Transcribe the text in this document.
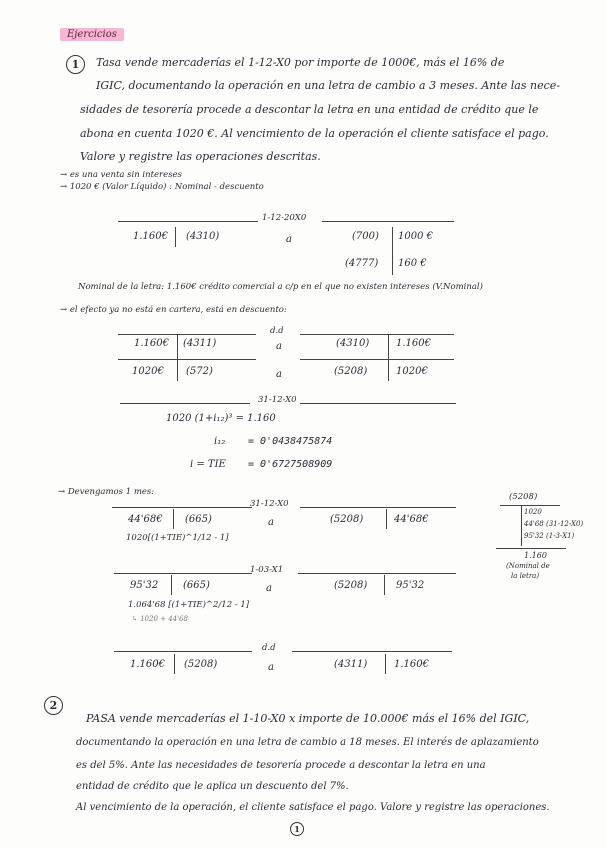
Ejercicios
1	Tasa vende mercaderías el 1-12-X0 por importe de 1000€, más el 16% de
IGIC, documentando la operación en una letra de cambio a 3 meses. Ante las nece-
sidades de tesorería procede a descontar la letra en una entidad de crédito que le
abona en cuenta 1020 €. Al vencimiento de la operación el cliente satisface el pago.
Valore y registre las operaciones descritas.
→ es una venta sin intereses
→ 1020 € (Valor Líquido) : Nominal - descuento
1-12-20X0
1.160€ (4310)	a	(700) 1000 €
(4777) 160 €
Nominal de la letra: 1.160€ crédito comercial a c/p en el que no existen intereses (V.Nominal)
→ el efecto ya no está en cartera, está en descuento:
d.d
1.160€ (4311)	a	(4310)	1.160€
1020€ (572)	a	(5208)	1020€
31-12-X0
1020 (1+i₁₂)³ = 1.160
i₁₂ = 0'0438475874
i = TIE = 0'6727508909
→ Devengamos 1 mes:
31-12-X0
44'68€ (665)	a	(5208)	44'68€
1020[(1+TIE)^1/12 - 1]
(5208)
1020
44'68 (31-12-X0)
95'32 (1-3-X1)
1.160
(Nominal de
la letra)
1-03-X1
95'32 (665)	a	(5208)	95'32
1.064'68 [(1+TIE)^2/12 - 1]
↳ 1020 + 44'68
d.d
1.160€ (5208)	a	(4311)	1.160€
2
PASA vende mercaderías el 1-10-X0 x importe de 10.000€ más el 16% del IGIC,
documentando la operación en una letra de cambio a 18 meses. El interés de aplazamiento
es del 5%. Ante las necesidades de tesorería procede a descontar la letra en una
entidad de crédito que le aplica un descuento del 7%.
Al vencimiento de la operación, el cliente satisface el pago. Valore y registre las operaciones.
1
